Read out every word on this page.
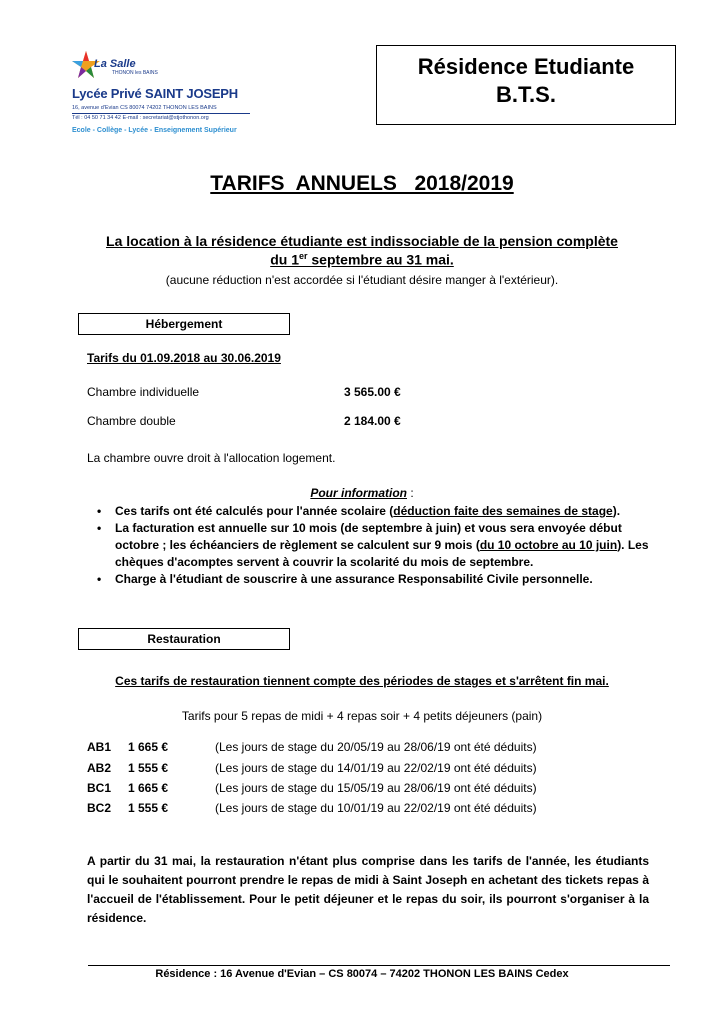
La Salle
THONON les BAINS
Lycée Privé SAINT JOSEPH
16, avenue d'Evian CS 80074 74202 THONON LES BAINS
Tél : 04 50 71 34 42 E-mail : secretariat@stjothonon.org
Ecole - Collège - Lycée - Enseignement Supérieur
Résidence Etudiante
B.T.S.
TARIFS  ANNUELS   2018/2019
La location à la résidence étudiante est indissociable de la pension complète
du 1er septembre au 31 mai.
(aucune réduction n'est accordée si l'étudiant désire manger à l'extérieur).
Hébergement
Tarifs du 01.09.2018 au 30.06.2019
Chambre individuelle	3 565.00 €
Chambre double	2 184.00 €
La chambre ouvre droit à l'allocation logement.
Pour information :
• Ces tarifs ont été calculés pour l'année scolaire (déduction faite des semaines de stage).
• La facturation est annuelle sur 10 mois (de septembre à juin) et vous sera envoyée début octobre ; les échéanciers de règlement se calculent sur 9 mois (du 10 octobre au 10 juin). Les chèques d'acomptes servent à couvrir la scolarité du mois de septembre.
• Charge à l'étudiant de souscrire à une assurance Responsabilité Civile personnelle.
Restauration
Ces tarifs de restauration tiennent compte des périodes de stages et s'arrêtent fin mai.
Tarifs pour 5 repas de midi + 4 repas soir + 4 petits déjeuners (pain)
AB1 1 665 €	(Les jours de stage du 20/05/19 au 28/06/19 ont été déduits)
AB2 1 555 €	(Les jours de stage du 14/01/19 au 22/02/19 ont été déduits)
BC1 1 665 €	(Les jours de stage du 15/05/19 au 28/06/19 ont été déduits)
BC2 1 555 €	(Les jours de stage du 10/01/19 au 22/02/19 ont été déduits)
A partir du 31 mai, la restauration n'étant plus comprise dans les tarifs de l'année, les étudiants qui le souhaitent pourront prendre le repas de midi à Saint Joseph en achetant des tickets repas à l'accueil de l'établissement. Pour le petit déjeuner et le repas du soir, ils pourront s'organiser à la résidence.
Résidence : 16 Avenue d'Evian – CS 80074 – 74202 THONON LES BAINS Cedex
